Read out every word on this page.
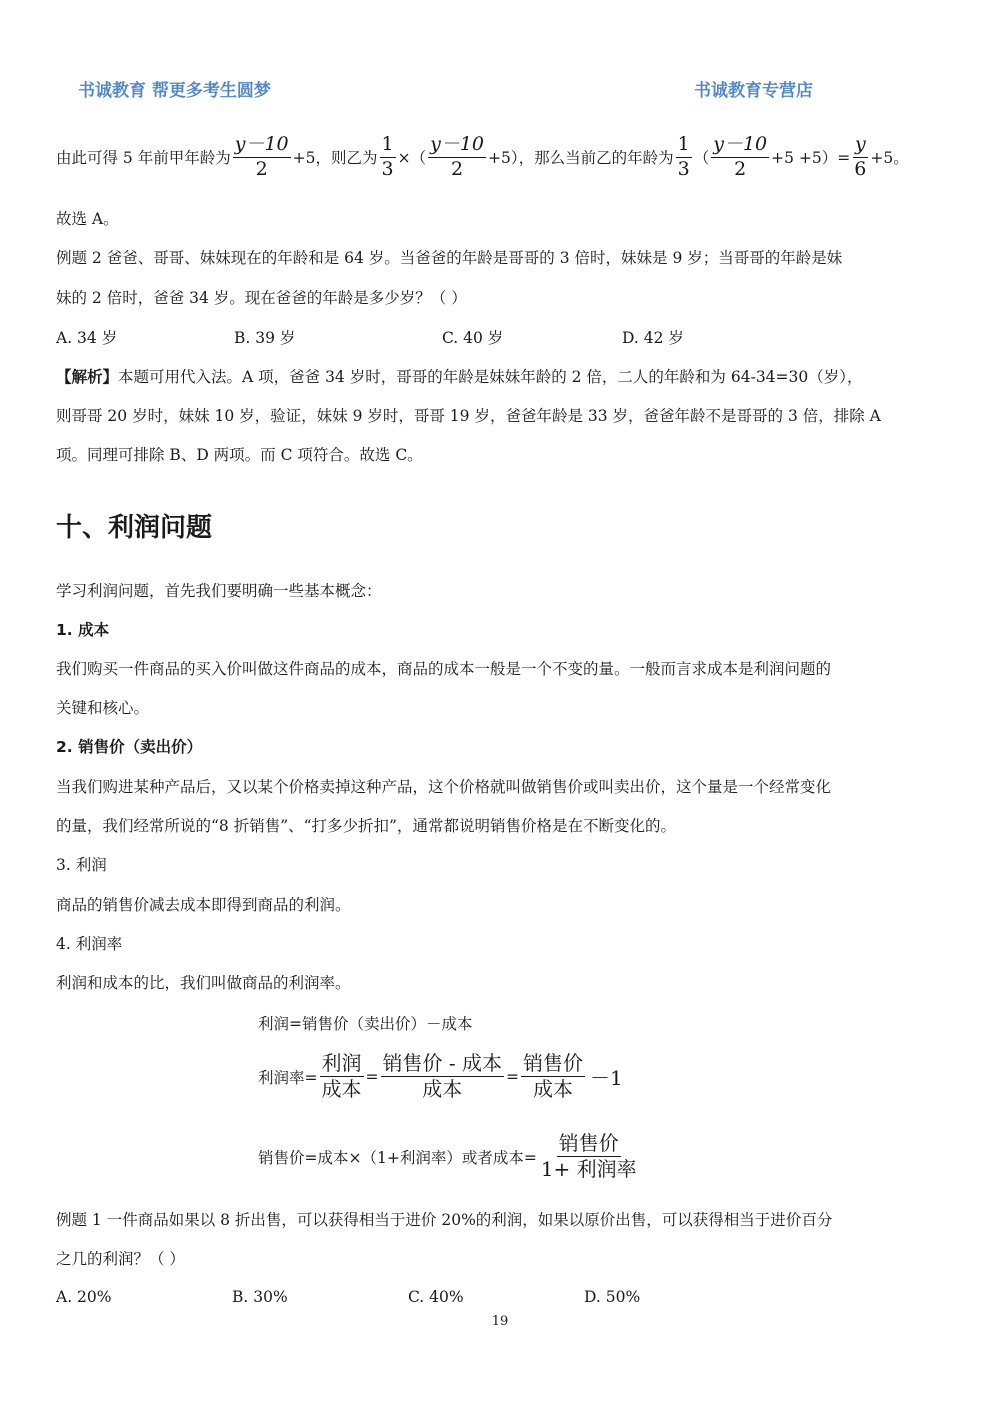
书诚教育 帮更多考生圆梦	书诚教育专营店
由此可得 5 年前甲年龄为 $\frac{y-10}{2} +5$，则乙为 $\frac{1}{3}$ ×（ $\frac{y-10}{2} +5$），那么当前乙的年龄为 $\frac{1}{3}$ （ $\frac{y-10}{2} +5 +5)= \frac{y}{6} +5$。
故选 A。
例题 2 爸爸、哥哥、妹妹现在的年龄和是 64 岁。当爸爸的年龄是哥哥的 3 倍时，妹妹是 9 岁；当哥哥的年龄是妹
妹的 2 倍时，爸爸 34 岁。现在爸爸的年龄是多少岁？（ ）
A. 34 岁	B. 39 岁	C. 40 岁	D. 42 岁
【解析】本题可用代入法。A 项，爸爸 34 岁时，哥哥的年龄是妹妹年龄的 2 倍，二人的年龄和为 64-34=30（岁），
则哥哥 20 岁时，妹妹 10 岁，验证，妹妹 9 岁时，哥哥 19 岁，爸爸年龄是 33 岁，爸爸年龄不是哥哥的 3 倍，排除 A
项。同理可排除 B、D 两项。而 C 项符合。故选 C。
十、利润问题
学习利润问题，首先我们要明确一些基本概念：
1. 成本
我们购买一件商品的买入价叫做这件商品的成本，商品的成本一般是一个不变的量。一般而言求成本是利润问题的
关键和核心。
2. 销售价（卖出价）
当我们购进某种产品后，又以某个价格卖掉这种产品，这个价格就叫做销售价或叫卖出价，这个量是一个经常变化
的量，我们经常所说的“8 折销售”、“打多少折扣”，通常都说明销售价格是在不断变化的。
3. 利润
商品的销售价减去成本即得到商品的利润。
4. 利润率
利润和成本的比，我们叫做商品的利润率。
利润=销售价（卖出价）－成本
利润率= $\frac{\text{利润}}{\text{成本}} = \frac{\text{销售价 - 成本}}{\text{成本}} = \frac{\text{销售价}}{\text{成本}} -1$
销售价=成本×（1+利润率）或者成本= $\frac{\text{销售价}}{\text{1+ 利润率}}$
例题 1 一件商品如果以 8 折出售，可以获得相当于进价 20%的利润，如果以原价出售，可以获得相当于进价百分
之几的利润？（ ）
A. 20%	B. 30%	C. 40%	D. 50%
19
